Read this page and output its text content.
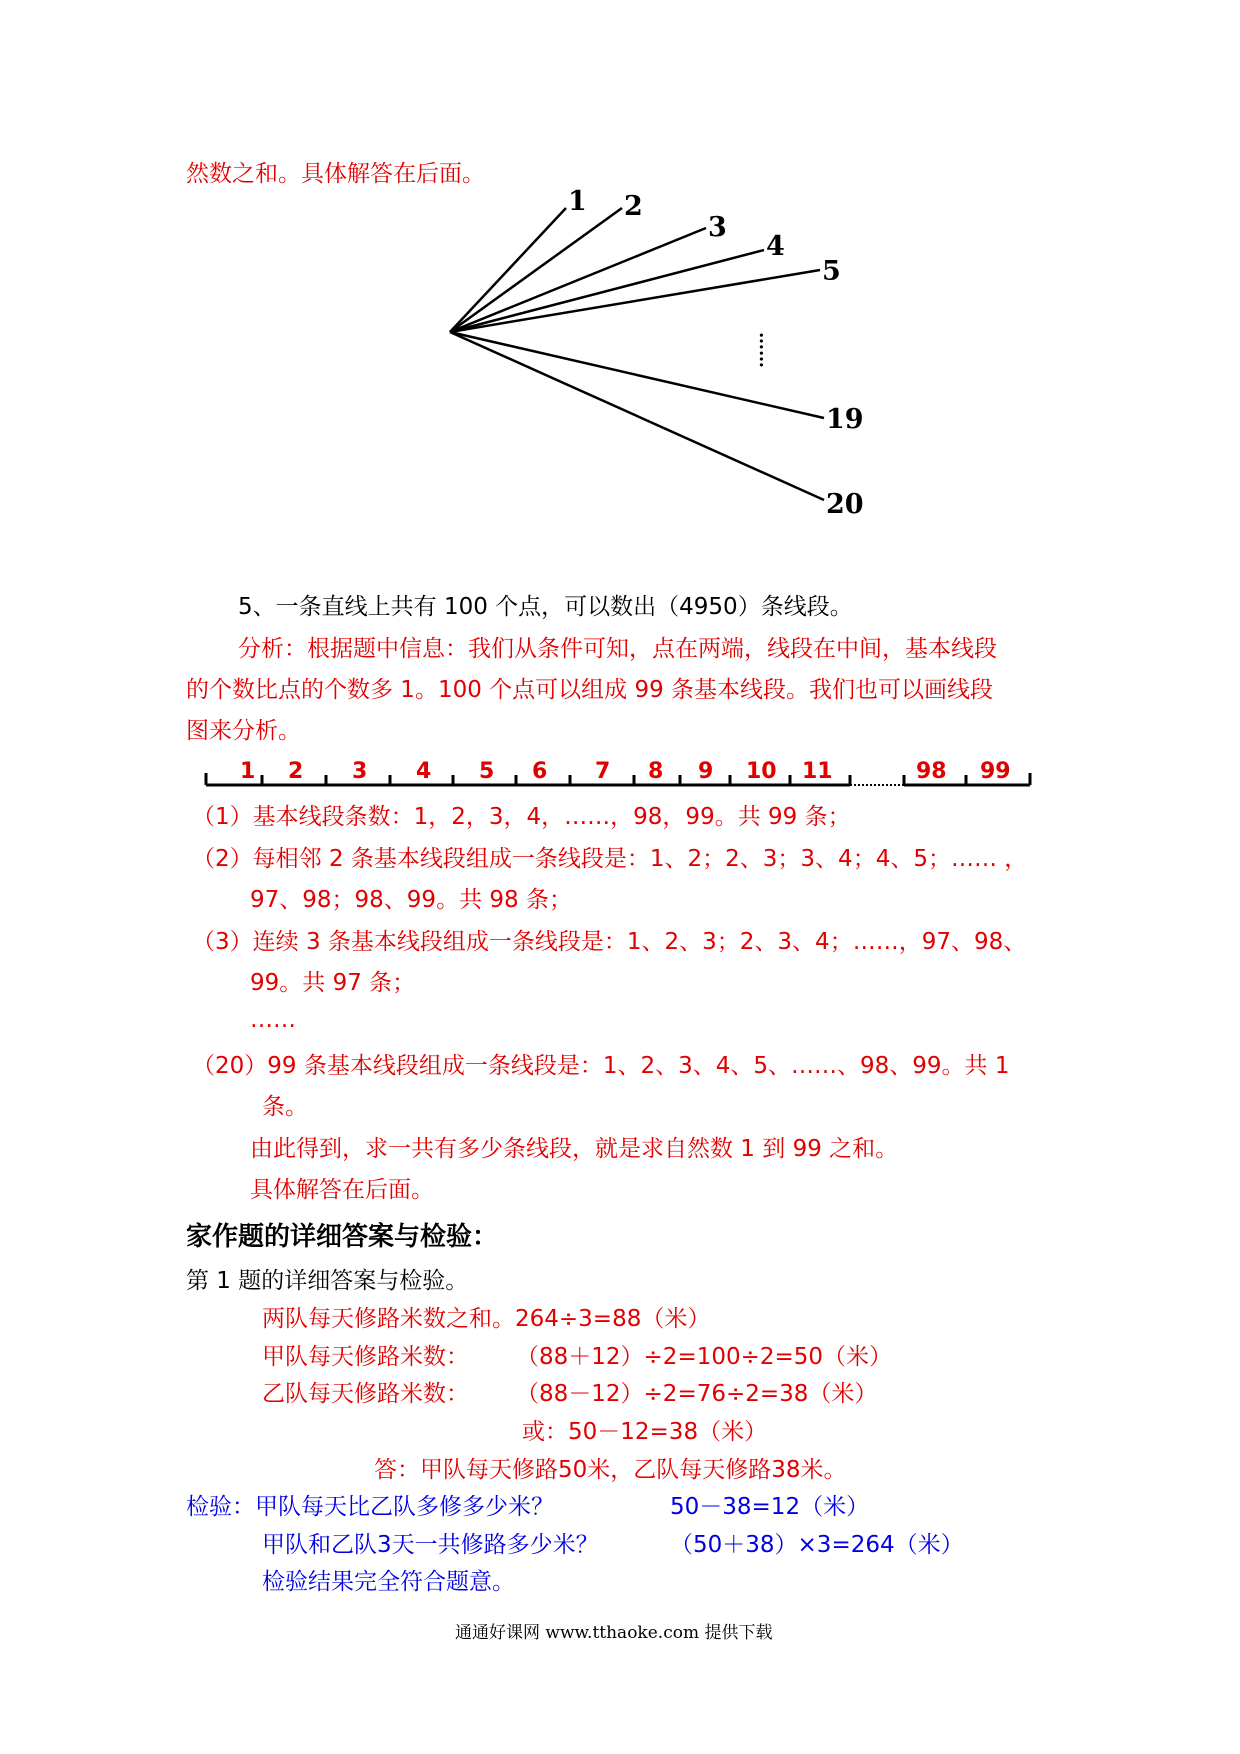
然数之和。具体解答在后面。
1 2
3
4
5
19
20
……
5、一条直线上共有 100 个点，可以数出（4950）条线段。
分析：根据题中信息：我们从条件可知，点在两端，线段在中间，基本线段
的个数比点的个数多 1。100 个点可以组成 99 条基本线段。我们也可以画线段
图来分析。
1 2 3 4 5 6 7 8 9 10 11	98 99
（1）基本线段条数：1，2，3，4，……，98，99。共 99 条；
（2）每相邻 2 条基本线段组成一条线段是：1、2；2、3；3、4；4、5；…… ，
97、98；98、99。共 98 条；
（3）连续 3 条基本线段组成一条线段是：1、2、3；2、3、4；……，97、98、
99。共 97 条；
……
（20）99 条基本线段组成一条线段是：1、2、3、4、5、……、98、99。共 1
条。
由此得到，求一共有多少条线段，就是求自然数 1 到 99 之和。
具体解答在后面。
家作题的详细答案与检验：
第 1 题的详细答案与检验。
两队每天修路米数之和。264÷3=88（米）
甲队每天修路米数： （88＋12）÷2=100÷2=50（米）
乙队每天修路米数： （88－12）÷2=76÷2=38（米）
或：50－12=38（米）
答：甲队每天修路50米，乙队每天修路38米。
检验：甲队每天比乙队多修多少米？	50－38=12（米）
甲队和乙队3天一共修路多少米？	（50＋38）×3=264（米）
检验结果完全符合题意。
通通好课网 www.tthaoke.com 提供下载
